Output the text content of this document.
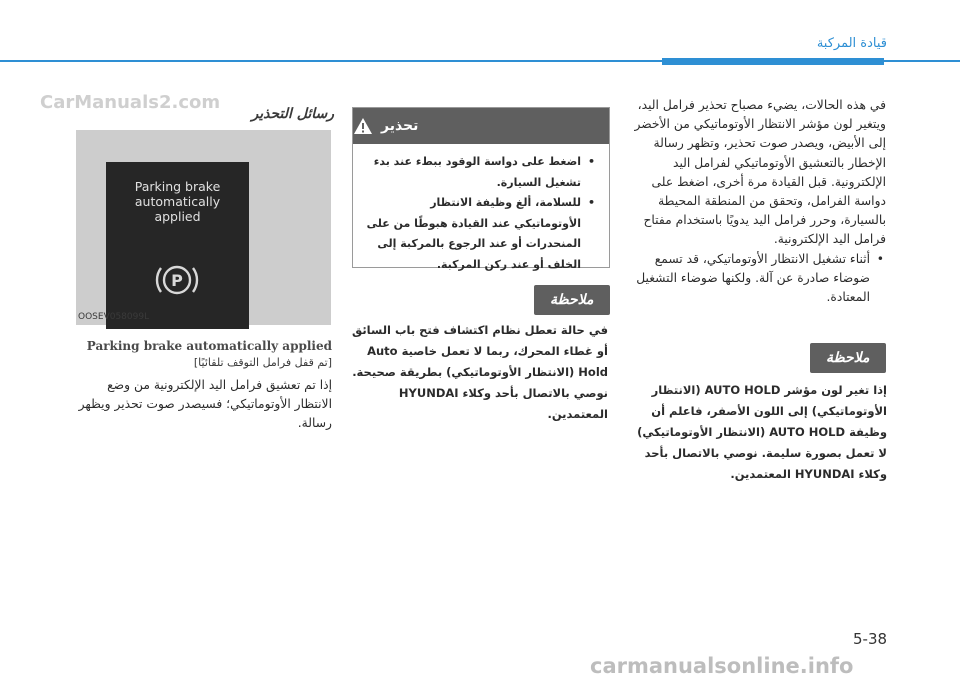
قيادة المركبة
CarManuals2.com
رسائل التحذير
Parking brake
automatically
applied
P
OOSEV058099L
Parking brake automatically applied
[تم قفل فرامل التوقف تلقائيًا]
إذا تم تعشيق فرامل اليد الإلكترونية من وضع الانتظار الأوتوماتيكي؛ فسيصدر صوت تحذير ويظهر رسالة.
تحذير
• اضغط على دواسة الوقود ببطء عند بدء تشغيل السيارة.
• للسلامة، ألغ وظيفة الانتظار الأوتوماتيكي عند القيادة هبوطًا من على المنحدرات أو عند الرجوع بالمركبة إلى الخلف أو عند ركن المركبة.
ملاحظة
في حالة تعطل نظام اكتشاف فتح باب السائق أو غطاء المحرك، ربما لا تعمل خاصية Auto Hold (الانتظار الأوتوماتيكي) بطريقة صحيحة. نوصي بالاتصال بأحد وكلاء HYUNDAI المعتمدين.
في هذه الحالات، يضيء مصباح تحذير فرامل اليد، ويتغير لون مؤشر الانتظار الأوتوماتيكي من الأخضر إلى الأبيض، ويصدر صوت تحذير، وتظهر رسالة الإخطار بالتعشيق الأوتوماتيكي لفرامل اليد الإلكترونية. قبل القيادة مرة أخرى، اضغط على دواسة الفرامل، وتحقق من المنطقة المحيطة بالسيارة، وحرر فرامل اليد يدويًا باستخدام مفتاح فرامل اليد الإلكترونية.
• أثناء تشغيل الانتظار الأوتوماتيكي، قد تسمع ضوضاء صادرة عن آلة. ولكنها ضوضاء التشغيل المعتادة.
ملاحظة
إذا تغير لون مؤشر AUTO HOLD (الانتظار الأوتوماتيكي) إلى اللون الأصفر، فاعلم أن وظيفة AUTO HOLD (الانتظار الأوتوماتيكي) لا تعمل بصورة سليمة. نوصي بالاتصال بأحد وكلاء HYUNDAI المعتمدين.
5-38
carmanualsonline.info
